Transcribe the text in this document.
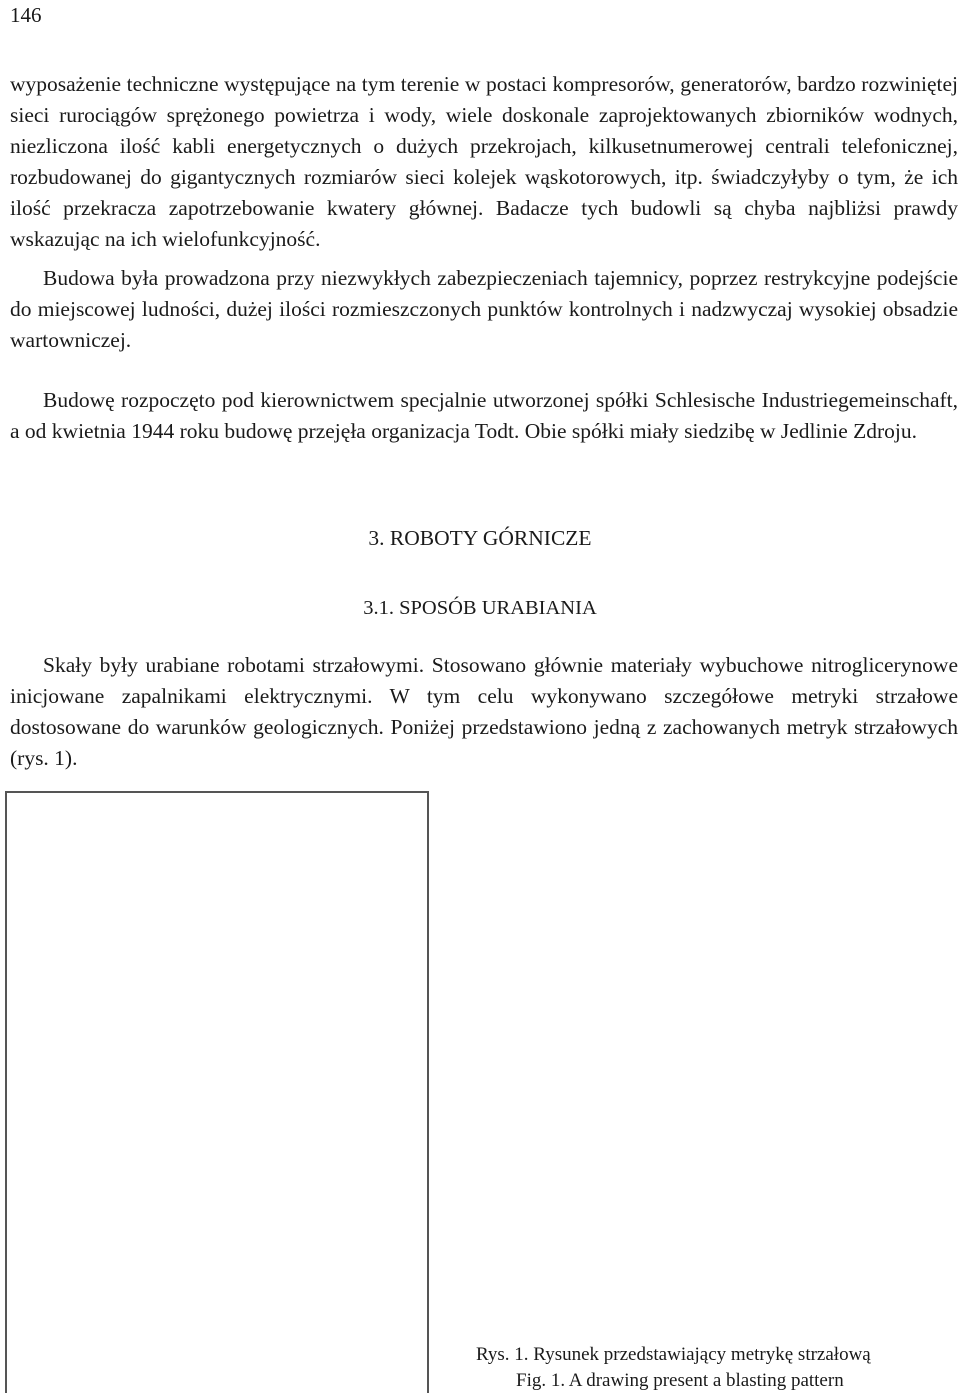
146

wyposażenie techniczne występujące na tym terenie w postaci kompresorów, generatorów, bardzo rozwiniętej sieci rurociągów sprężonego powietrza i wody, wiele doskonale zaprojektowanych zbiorników wodnych, niezliczona ilość kabli energetycznych o dużych przekrojach, kilkusetnumerowej centrali telefonicznej, rozbudowanej do gigantycznych rozmiarów sieci kolejek wąskotorowych, itp. świadczyłyby o tym, że ich ilość przekracza zapotrzebowanie kwatery głównej. Badacze tych budowli są chyba najbliżsi prawdy wskazując na ich wielofunkcyjność.

Budowa była prowadzona przy niezwykłych zabezpieczeniach tajemnicy, poprzez restrykcyjne podejście do miejscowej ludności, dużej ilości rozmieszczonych punktów kontrolnych i nadzwyczaj wysokiej obsadzie wartowniczej.

Budowę rozpoczęto pod kierownictwem specjalnie utworzonej spółki Schlesische Industriegemeinschaft, a od kwietnia 1944 roku budowę przejęła organizacja Todt. Obie spółki miały siedzibę w Jedlinie Zdroju.

3. ROBOTY GÓRNICZE
3.1. SPOSÓB URABIANIA

Skały były urabiane robotami strzałowymi. Stosowano głównie materiały wybuchowe nitroglicerynowe inicjowane zapalnikami elektrycznymi. W tym celu wykonywano szczegółowe metryki strzałowe dostosowane do warunków geologicznych. Poniżej przedstawiono jedną z zachowanych metryk strzałowych (rys. 1).

Rys. 1. Rysunek przedstawiający metrykę strzałową
Fig. 1. A drawing present a blasting pattern
